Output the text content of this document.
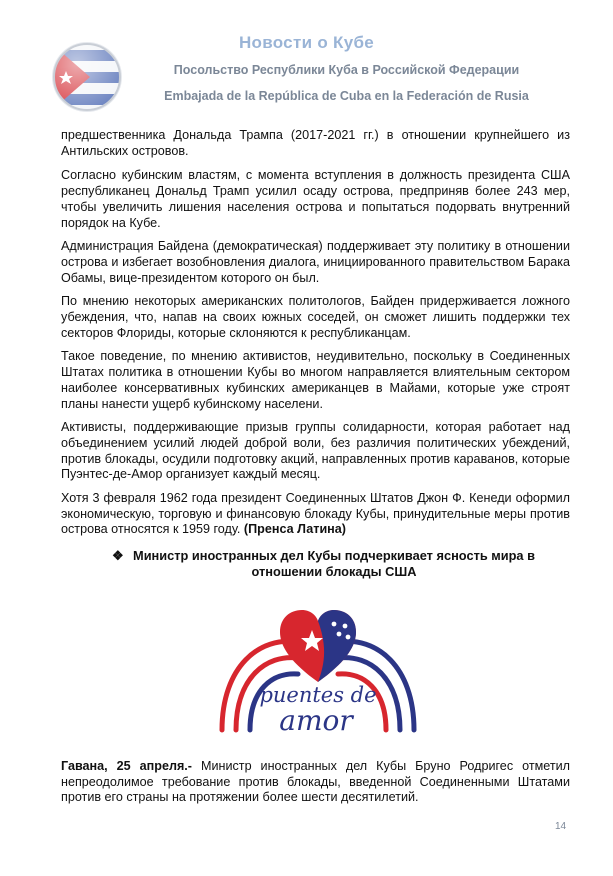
Новости о Кубе
Посольство Республики Куба в Российской Федерации
Embajada de la República de Cuba en la Federación de Rusia

предшественника Дональда Трампа (2017-2021 гг.) в отношении крупнейшего из Антильских островов.

Согласно кубинским властям, с момента вступления в должность президента США республиканец Дональд Трамп усилил осаду острова, предприняв более 243 мер, чтобы увеличить лишения населения острова и попытаться подорвать внутренний порядок на Кубе.

Администрация Байдена (демократическая) поддерживает эту политику в отношении острова и избегает возобновления диалога, инициированного правительством Барака Обамы, вице-президентом которого он был.

По мнению некоторых американских политологов, Байден придерживается ложного убеждения, что, напав на своих южных соседей, он сможет лишить поддержки тех секторов Флориды, которые склоняются к республиканцам.

Такое поведение, по мнению активистов, неудивительно, поскольку в Соединенных Штатах политика в отношении Кубы во многом направляется влиятельным сектором наиболее консервативных кубинских американцев в Майами, которые уже строят планы нанести ущерб кубинскому населени.

Активисты, поддерживающие призыв группы солидарности, которая работает над объединением усилий людей доброй воли, без различия политических убеждений, против блокады, осудили подготовку акций, направленных против караванов, которые Пуэнтес-де-Амор организует каждый месяц.

Хотя 3 февраля 1962 года президент Соединенных Штатов Джон Ф. Кенеди оформил экономическую, торговую и финансовую блокаду Кубы, принудительные меры против острова относятся к 1959 году. (Пренса Латина)

❖ Министр иностранных дел Кубы подчеркивает ясность мира в отношении блокады США
puentes de
amor

Гавана, 25 апреля.- Министр иностранных дел Кубы Бруно Родригес отметил непреодолимое требование против блокады, введенной Соединенными Штатами против его страны на протяжении более шести десятилетий.

14
